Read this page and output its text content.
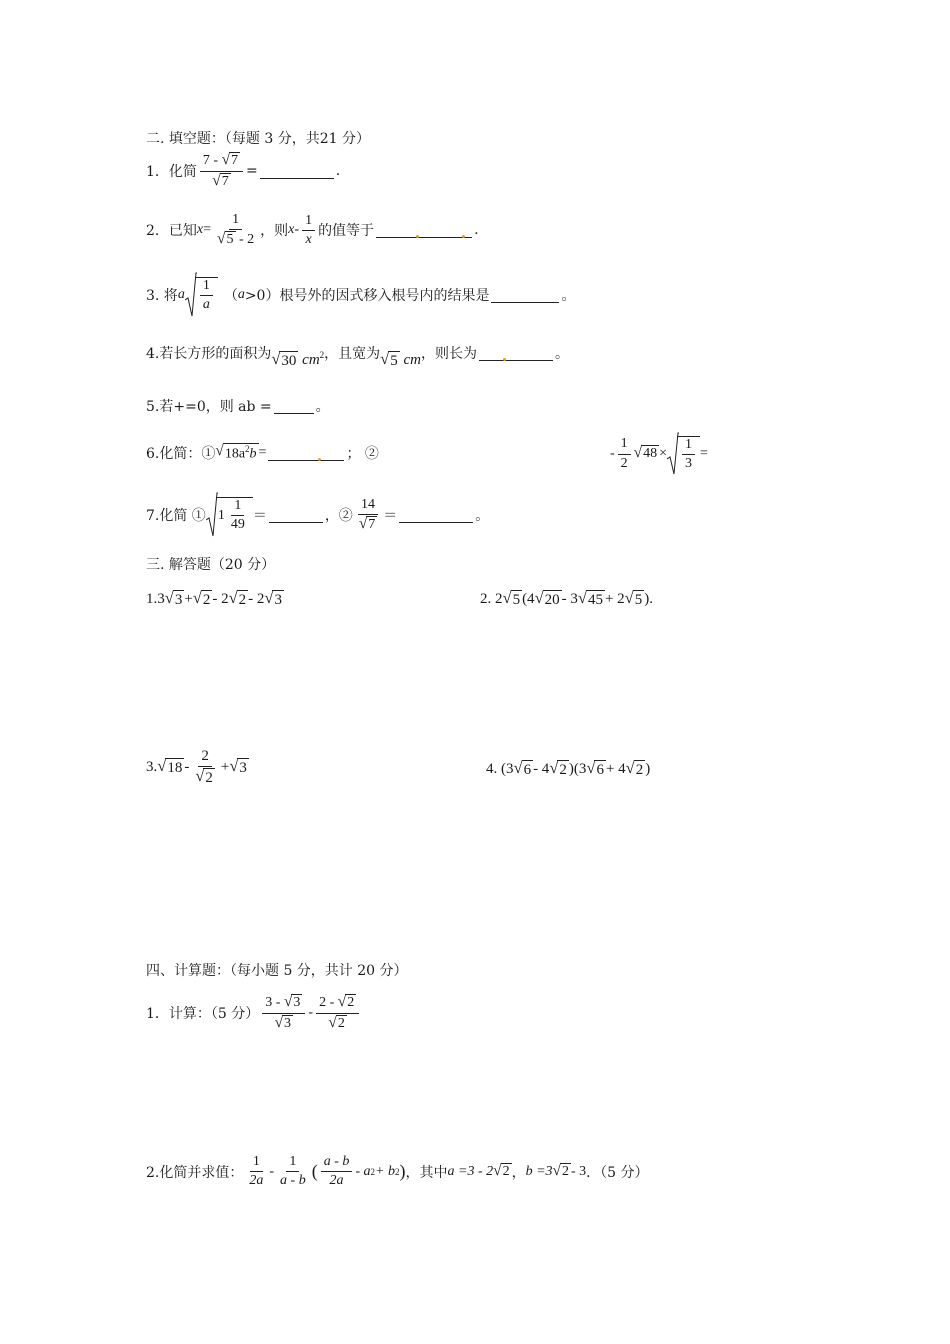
二. 填空题：（每题 3 分，共21 分）
1．化简 $\frac{7 - √ 7}{√ 7}$ =	.
2．已知 $x = \frac{1}{√ 5 - 2}$ ，则 x - $\frac{1}{x}$ 的值等于	.
3. 将 a $\frac{1}{a}$ （ a >0）根号外的因式移入根号内的结果是	。
4.若长方形的面积为 √ 30 $cm^2$ ，且宽为 √ 5 cm ，则长为	。
5.若+=0，则 ab =	。
6.化简：① √ $18a^2b$ =	； ②	- $\frac{1}{2}$ √ $48 \times \frac{1}{3}$ =
7.化简 ① $1 \frac{1}{49}$ ＝	，② $\frac{14}{√ 7}$ ＝	。
三. 解答题（20 分）
1. 3 √ 3 + √ 2 - 2 √ 2 - 2 √ 3	2. 2 √ 5 (4 √ 20 - 3 √ 45 + 2 √ 5 ).
3. √ $18 - \frac{2}{√ 2}$ + √ 3	4. (3 √ 6 - 4 √ 2 )(3 √ 6 + 4 √ 2 )
四、计算题：（每小题 5 分，共计 20 分）
1．计算：（5 分） $\frac{3 - √ 3}{√ 3} - \frac{2 - √ 2}{√ 2}$
2.化简并求值： $\frac{1}{2a} - \frac{1}{a - b}$ ( $\frac{a - b}{2a}$ - a 2 + b 2 ) ，其中 a =3 - 2 √ 2 ， b =3 √ 2 - 3 ．（5 分）
